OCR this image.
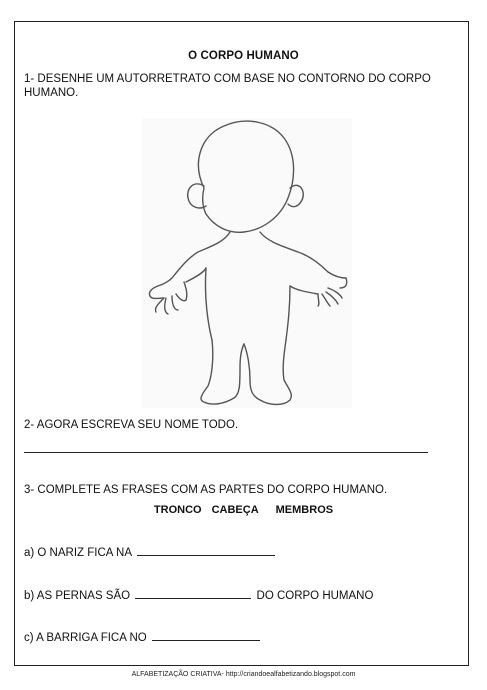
O CORPO HUMANO
1- DESENHE UM AUTORRETRATO COM BASE NO CONTORNO DO CORPO HUMANO.
2- AGORA ESCREVA SEU NOME TODO.
3- COMPLETE AS FRASES COM AS PARTES DO CORPO HUMANO.
TRONCO CABEÇA MEMBROS
a) O NARIZ FICA NA
b) AS PERNAS SÃO	DO CORPO HUMANO
c) A BARRIGA FICA NO
ALFABETIZAÇÃO CRIATIVA- http://criandoealfabetizando.blogspot.com
